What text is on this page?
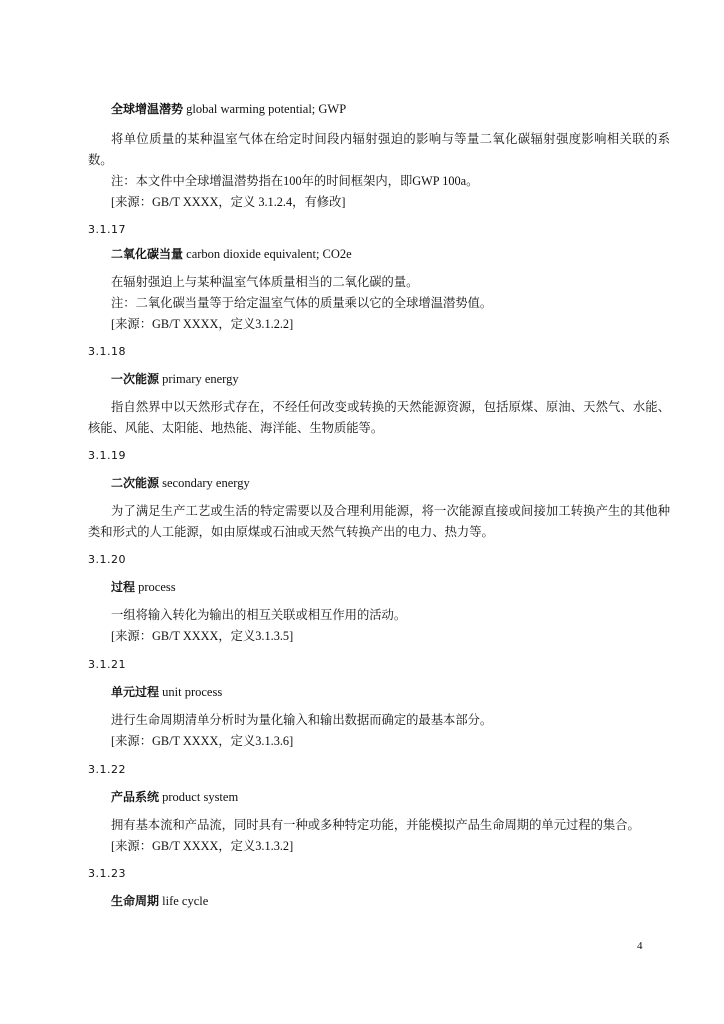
全球增温潜势 global warming potential; GWP

将单位质量的某种温室气体在给定时间段内辐射强迫的影响与等量二氧化碳辐射强度影响相关联的系数。

注：本文件中全球增温潜势指在100年的时间框架内，即GWP 100a。

[来源：GB/T XXXX，定义 3.1.2.4，有修改]

3.1.17
二氧化碳当量 carbon dioxide equivalent; CO2e

在辐射强迫上与某种温室气体质量相当的二氧化碳的量。

注：二氧化碳当量等于给定温室气体的质量乘以它的全球增温潜势值。

[来源：GB/T XXXX，定义3.1.2.2]

3.1.18
一次能源 primary energy

指自然界中以天然形式存在，不经任何改变或转换的天然能源资源，包括原煤、原油、天然气、水能、核能、风能、太阳能、地热能、海洋能、生物质能等。

3.1.19
二次能源 secondary energy

为了满足生产工艺或生活的特定需要以及合理利用能源，将一次能源直接或间接加工转换产生的其他种类和形式的人工能源，如由原煤或石油或天然气转换产出的电力、热力等。

3.1.20
过程 process

一组将输入转化为输出的相互关联或相互作用的活动。

[来源：GB/T XXXX，定义3.1.3.5]

3.1.21
单元过程 unit process

进行生命周期清单分析时为量化输入和输出数据而确定的最基本部分。

[来源：GB/T XXXX，定义3.1.3.6]

3.1.22
产品系统 product system

拥有基本流和产品流，同时具有一种或多种特定功能，并能模拟产品生命周期的单元过程的集合。

[来源：GB/T XXXX，定义3.1.3.2]

3.1.23
生命周期 life cycle
4
